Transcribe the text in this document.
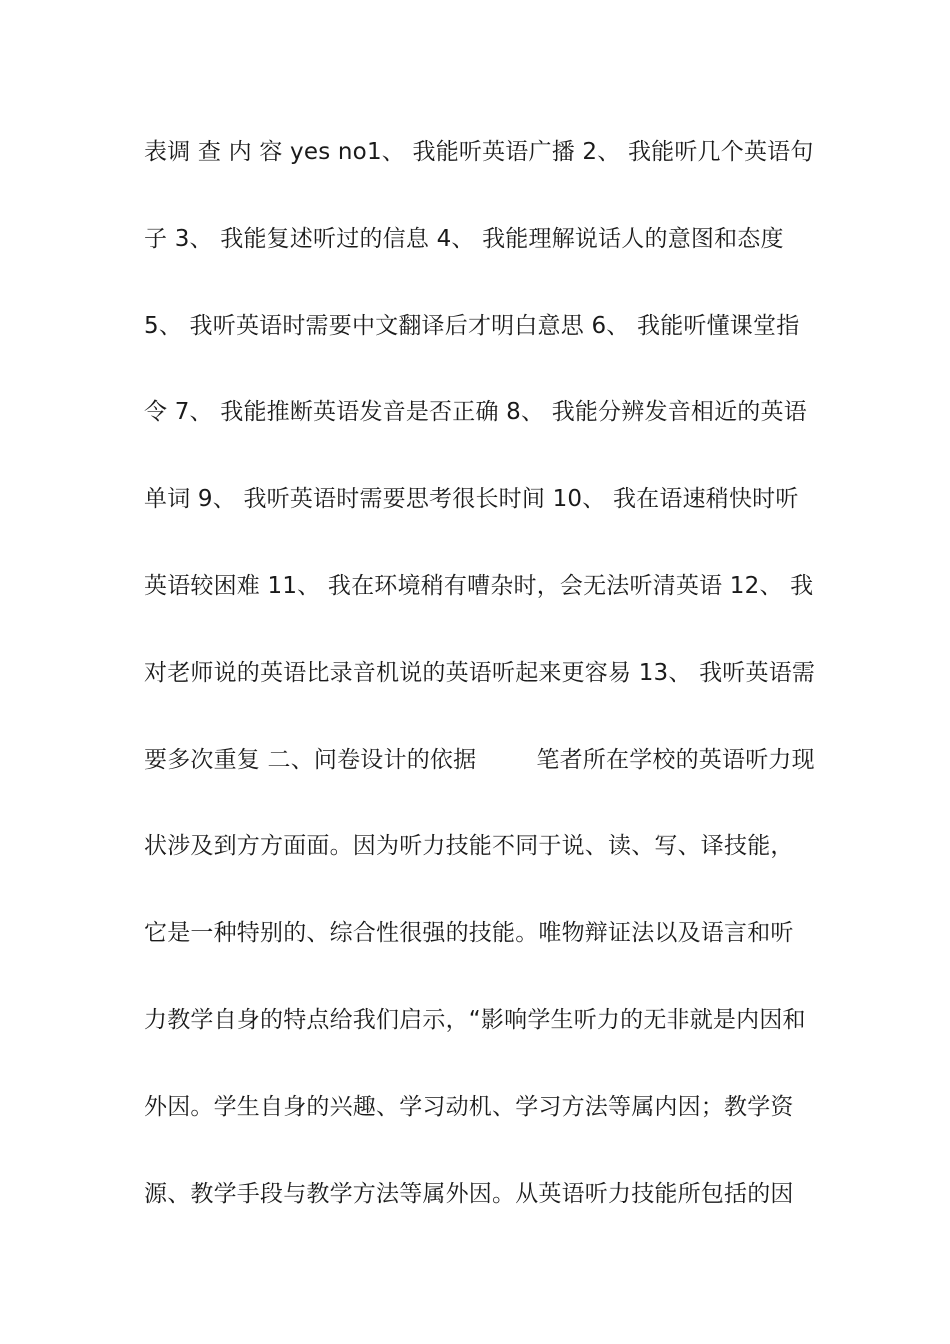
表调 查 内 容 yes no1、 我能听英语广播 2、 我能听几个英语句
子 3、 我能复述听过的信息 4、 我能理解说话人的意图和态度
5、 我听英语时需要中文翻译后才明白意思 6、 我能听懂课堂指
令 7、 我能推断英语发音是否正确 8、 我能分辨发音相近的英语
单词 9、 我听英语时需要思考很长时间 10、 我在语速稍快时听
英语较困难 11、 我在环境稍有嘈杂时，会无法听清英语 12、 我
对老师说的英语比录音机说的英语听起来更容易 13、 我听英语需
要多次重复 二、问卷设计的依据        笔者所在学校的英语听力现
状涉及到方方面面。因为听力技能不同于说、读、写、译技能，
它是一种特别的、综合性很强的技能。唯物辩证法以及语言和听
力教学自身的特点给我们启示，“影响学生听力的无非就是内因和
外因。学生自身的兴趣、学习动机、学习方法等属内因；教学资
源、教学手段与教学方法等属外因。从英语听力技能所包括的因
